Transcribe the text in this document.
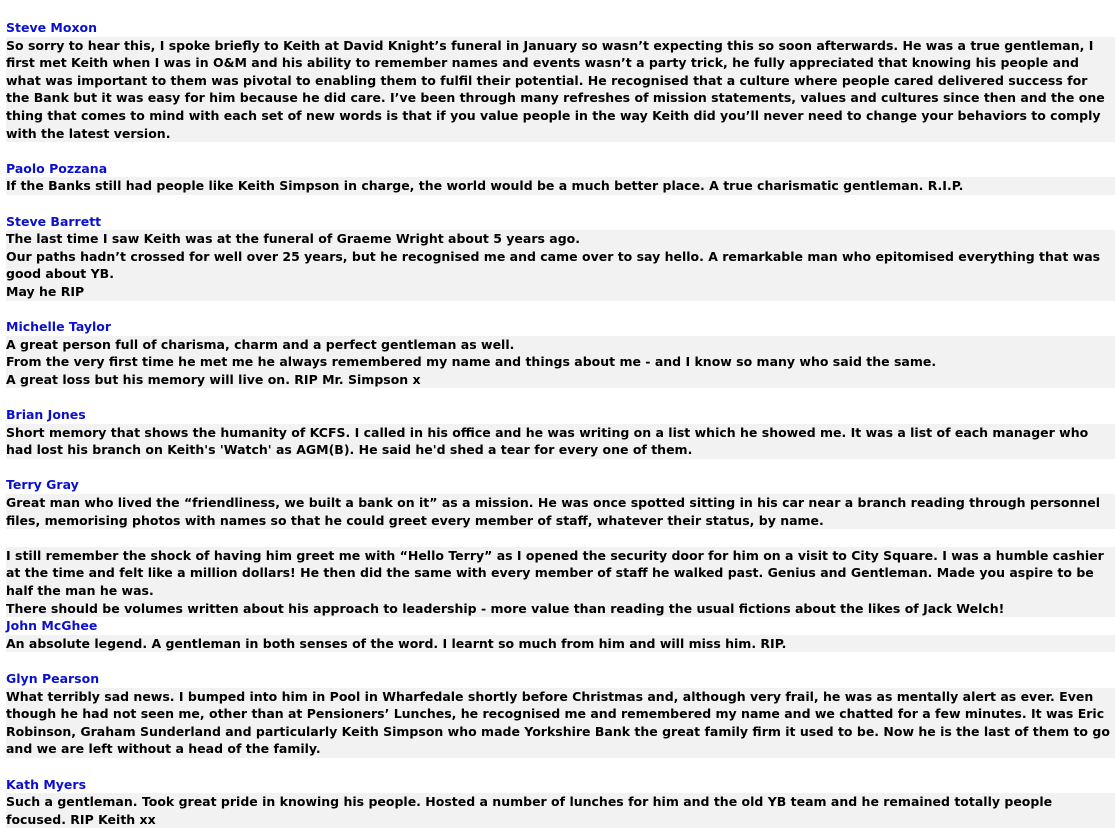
Steve Moxon

So sorry to hear this, I spoke briefly to Keith at David Knight’s funeral in January so wasn’t expecting this so soon afterwards. He was a true gentleman, I first met Keith when I was in O&M and his ability to remember names and events wasn’t a party trick, he fully appreciated that knowing his people and what was important to them was pivotal to enabling them to fulfil their potential. He recognised that a culture where people cared delivered success for the Bank but it was easy for him because he did care. I’ve been through many refreshes of mission statements, values and cultures since then and the one thing that comes to mind with each set of new words is that if you value people in the way Keith did you’ll never need to change your behaviors to comply with the latest version.

Paolo Pozzana

If the Banks still had people like Keith Simpson in charge, the world would be a much better place. A true charismatic gentleman. R.I.P.

Steve Barrett

The last time I saw Keith was at the funeral of Graeme Wright about 5 years ago.

Our paths hadn’t crossed for well over 25 years, but he recognised me and came over to say hello. A remarkable man who epitomised everything that was good about YB.

May he RIP

Michelle Taylor

A great person full of charisma, charm and a perfect gentleman as well.

From the very first time he met me he always remembered my name and things about me - and I know so many who said the same.

A great loss but his memory will live on. RIP Mr. Simpson x

Brian Jones

Short memory that shows the humanity of KCFS. I called in his office and he was writing on a list which he showed me. It was a list of each manager who had lost his branch on Keith's 'Watch' as AGM(B). He said he'd shed a tear for every one of them.

Terry Gray

Great man who lived the “friendliness, we built a bank on it” as a mission. He was once spotted sitting in his car near a branch reading through personnel files, memorising photos with names so that he could greet every member of staff, whatever their status, by name.

I still remember the shock of having him greet me with “Hello Terry” as I opened the security door for him on a visit to City Square. I was a humble cashier at the time and felt like a million dollars! He then did the same with every member of staff he walked past. Genius and Gentleman. Made you aspire to be half the man he was.

There should be volumes written about his approach to leadership - more value than reading the usual fictions about the likes of Jack Welch!

John McGhee

An absolute legend. A gentleman in both senses of the word. I learnt so much from him and will miss him. RIP.

Glyn Pearson

What terribly sad news. I bumped into him in Pool in Wharfedale shortly before Christmas and, although very frail, he was as mentally alert as ever. Even though he had not seen me, other than at Pensioners’ Lunches, he recognised me and remembered my name and we chatted for a few minutes. It was Eric Robinson, Graham Sunderland and particularly Keith Simpson who made Yorkshire Bank the great family firm it used to be. Now he is the last of them to go and we are left without a head of the family.

Kath Myers

Such a gentleman. Took great pride in knowing his people. Hosted a number of lunches for him and the old YB team and he remained totally people focused. RIP Keith xx
